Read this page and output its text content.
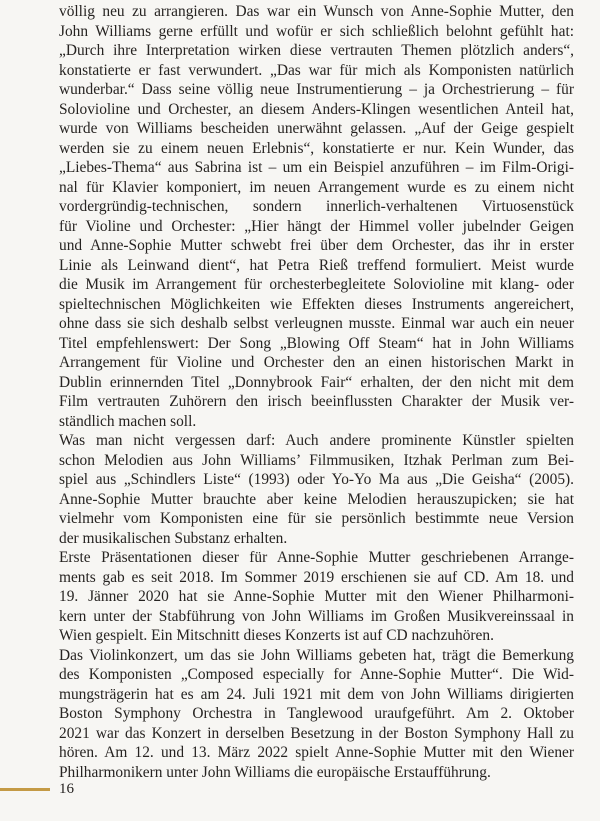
völlig neu zu arrangieren. Das war ein Wunsch von Anne-Sophie Mutter, den
John Williams gerne erfüllt und wofür er sich schließlich belohnt gefühlt hat:
„Durch ihre Interpretation wirken diese vertrauten Themen plötzlich anders“,
konstatierte er fast verwundert. „Das war für mich als Komponisten natürlich
wunderbar.“ Dass seine völlig neue Instrumentierung – ja Orchestrierung – für
Solovioline und Orchester, an diesem Anders-Klingen wesentlichen Anteil hat,
wurde von Williams bescheiden unerwähnt gelassen. „Auf der Geige gespielt
werden sie zu einem neuen Erlebnis“, konstatierte er nur. Kein Wunder, das
„Liebes-Thema“ aus Sabrina ist – um ein Beispiel anzuführen – im Film-Origi-
nal für Klavier komponiert, im neuen Arrangement wurde es zu einem nicht
vordergründig-technischen, sondern innerlich-verhaltenen Virtuosenstück
für Violine und Orchester: „Hier hängt der Himmel voller jubelnder Geigen
und Anne-Sophie Mutter schwebt frei über dem Orchester, das ihr in erster
Linie als Leinwand dient“, hat Petra Rieß treffend formuliert. Meist wurde
die Musik im Arrangement für orchesterbegleitete Solovioline mit klang- oder
spieltechnischen Möglichkeiten wie Effekten dieses Instruments angereichert,
ohne dass sie sich deshalb selbst verleugnen musste. Einmal war auch ein neuer
Titel empfehlenswert: Der Song „Blowing Off Steam“ hat in John Williams
Arrangement für Violine und Orchester den an einen historischen Markt in
Dublin erinnernden Titel „Donnybrook Fair“ erhalten, der den nicht mit dem
Film vertrauten Zuhörern den irisch beeinflussten Charakter der Musik ver-
ständlich machen soll.
Was man nicht vergessen darf: Auch andere prominente Künstler spielten
schon Melodien aus John Williams’ Filmmusiken, Itzhak Perlman zum Bei-
spiel aus „Schindlers Liste“ (1993) oder Yo-Yo Ma aus „Die Geisha“ (2005).
Anne-Sophie Mutter brauchte aber keine Melodien herauszupicken; sie hat
vielmehr vom Komponisten eine für sie persönlich bestimmte neue Version
der musikalischen Substanz erhalten.
Erste Präsentationen dieser für Anne-Sophie Mutter geschriebenen Arrange-
ments gab es seit 2018. Im Sommer 2019 erschienen sie auf CD. Am 18. und
19. Jänner 2020 hat sie Anne-Sophie Mutter mit den Wiener Philharmoni-
kern unter der Stabführung von John Williams im Großen Musikvereinssaal in
Wien gespielt. Ein Mitschnitt dieses Konzerts ist auf CD nachzuhören.
Das Violinkonzert, um das sie John Williams gebeten hat, trägt die Bemerkung
des Komponisten „Composed especially for Anne-Sophie Mutter“. Die Wid-
mungsträgerin hat es am 24. Juli 1921 mit dem von John Williams dirigierten
Boston Symphony Orchestra in Tanglewood uraufgeführt. Am 2. Oktober
2021 war das Konzert in derselben Besetzung in der Boston Symphony Hall zu
hören. Am 12. und 13. März 2022 spielt Anne-Sophie Mutter mit den Wiener
Philharmonikern unter John Williams die europäische Erstaufführung.
16
